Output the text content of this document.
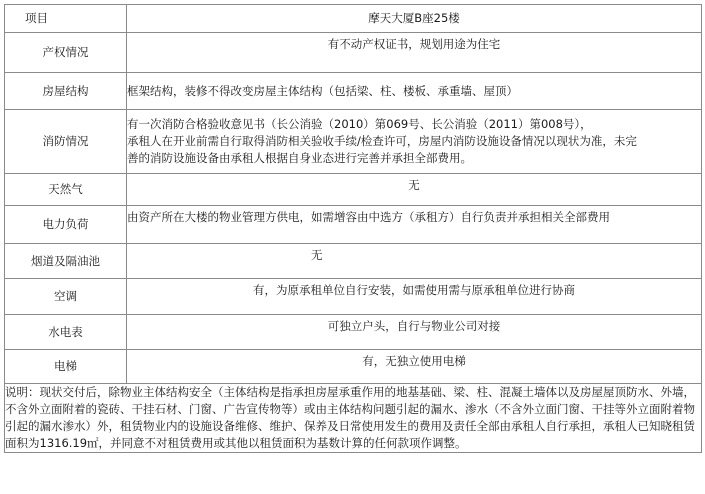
项目	摩天大厦B座25楼
产权情况	有不动产权证书，规划用途为住宅
房屋结构	框架结构，装修不得改变房屋主体结构（包括梁、柱、楼板、承重墙、屋顶）
消防情况	有一次消防合格验收意见书（长公消验（2010）第069号、长公消验（2011）第008号），
承租人在开业前需自行取得消防相关验收手续/检查许可，房屋内消防设施设备情况以现状为准，未完
善的消防设施设备由承租人根据自身业态进行完善并承担全部费用。

天然气	无
电力负荷	由资产所在大楼的物业管理方供电，如需增容由中选方（承租方）自行负责并承担相关全部费用
烟道及隔油池	无
空调	有，为原承租单位自行安装，如需使用需与原承租单位进行协商
水电表	可独立户头，自行与物业公司对接
电梯	有，无独立使用电梯

说明：现状交付后，除物业主体结构安全（主体结构是指承担房屋承重作用的地基基础、梁、柱、混凝土墙体以及房屋屋顶防水、外墙，不含外立面附着的瓷砖、干挂石材、门窗、广告宣传物等）或由主体结构问题引起的漏水、渗水（不含外立面门窗、干挂等外立面附着物引起的漏水渗水）外，租赁物业内的设施设备维修、维护、保养及日常使用发生的费用及责任全部由承租人自行承担，承租人已知晓租赁面积为1316.19㎡，并同意不对租赁费用或其他以租赁面积为基数计算的任何款项作调整。	
